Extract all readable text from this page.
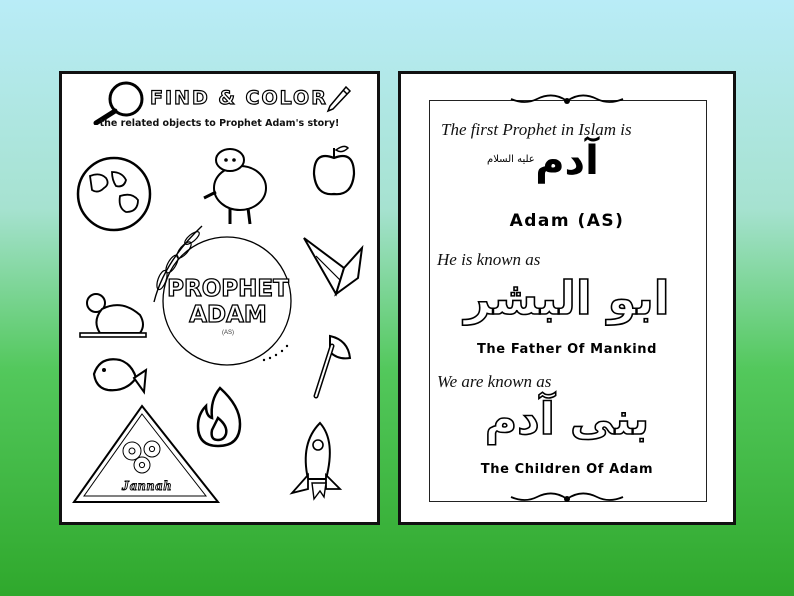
FIND & COLOR
the related objects to Prophet Adam's story!
PROPHET
ADAM
(AS)
Jannah
The first Prophet in Islam is
عليه السلام آدم
Adam (AS)
He is known as
ابو البشر
The Father Of Mankind
We are known as
بنی آدم
The Children Of Adam
